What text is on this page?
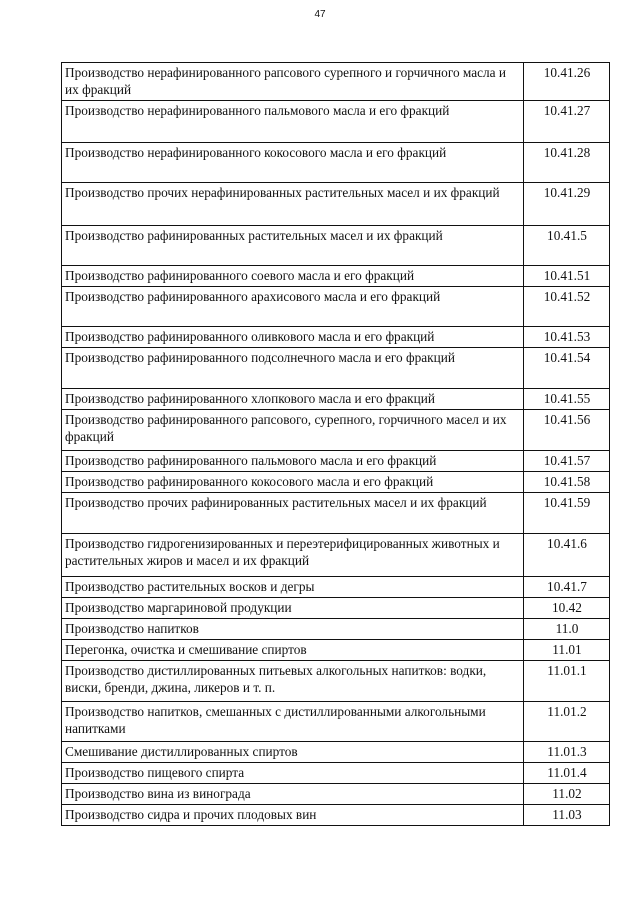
47
Производство нерафинированного рапсового сурепного и горчичного масла и их фракций	10.41.26
Производство нерафинированного пальмового масла и его фракций	10.41.27
Производство нерафинированного кокосового масла и его фракций	10.41.28
Производство прочих нерафинированных растительных масел и их фракций	10.41.29
Производство рафинированных растительных масел и их фракций	10.41.5
Производство рафинированного соевого масла и его фракций	10.41.51
Производство рафинированного арахисового масла и его фракций	10.41.52
Производство рафинированного оливкового масла и его фракций	10.41.53
Производство рафинированного подсолнечного масла и его фракций	10.41.54
Производство рафинированного хлопкового масла и его фракций	10.41.55
Производство рафинированного рапсового, сурепного, горчичного масел и их фракций	10.41.56
Производство рафинированного пальмового масла и его фракций	10.41.57
Производство рафинированного кокосового масла и его фракций	10.41.58
Производство прочих рафинированных растительных масел и их фракций	10.41.59
Производство гидрогенизированных и переэтерифицированных животных и растительных жиров и масел и их фракций	10.41.6
Производство растительных восков и дегры	10.41.7
Производство маргариновой продукции	10.42
Производство напитков	11.0
Перегонка, очистка и смешивание спиртов	11.01
Производство дистиллированных питьевых алкогольных напитков: водки, виски, бренди, джина, ликеров и т. п.	11.01.1
Производство напитков, смешанных с дистиллированными алкогольными напитками	11.01.2
Смешивание дистиллированных спиртов	11.01.3
Производство пищевого спирта	11.01.4
Производство вина из винограда	11.02
Производство сидра и прочих плодовых вин	11.03
